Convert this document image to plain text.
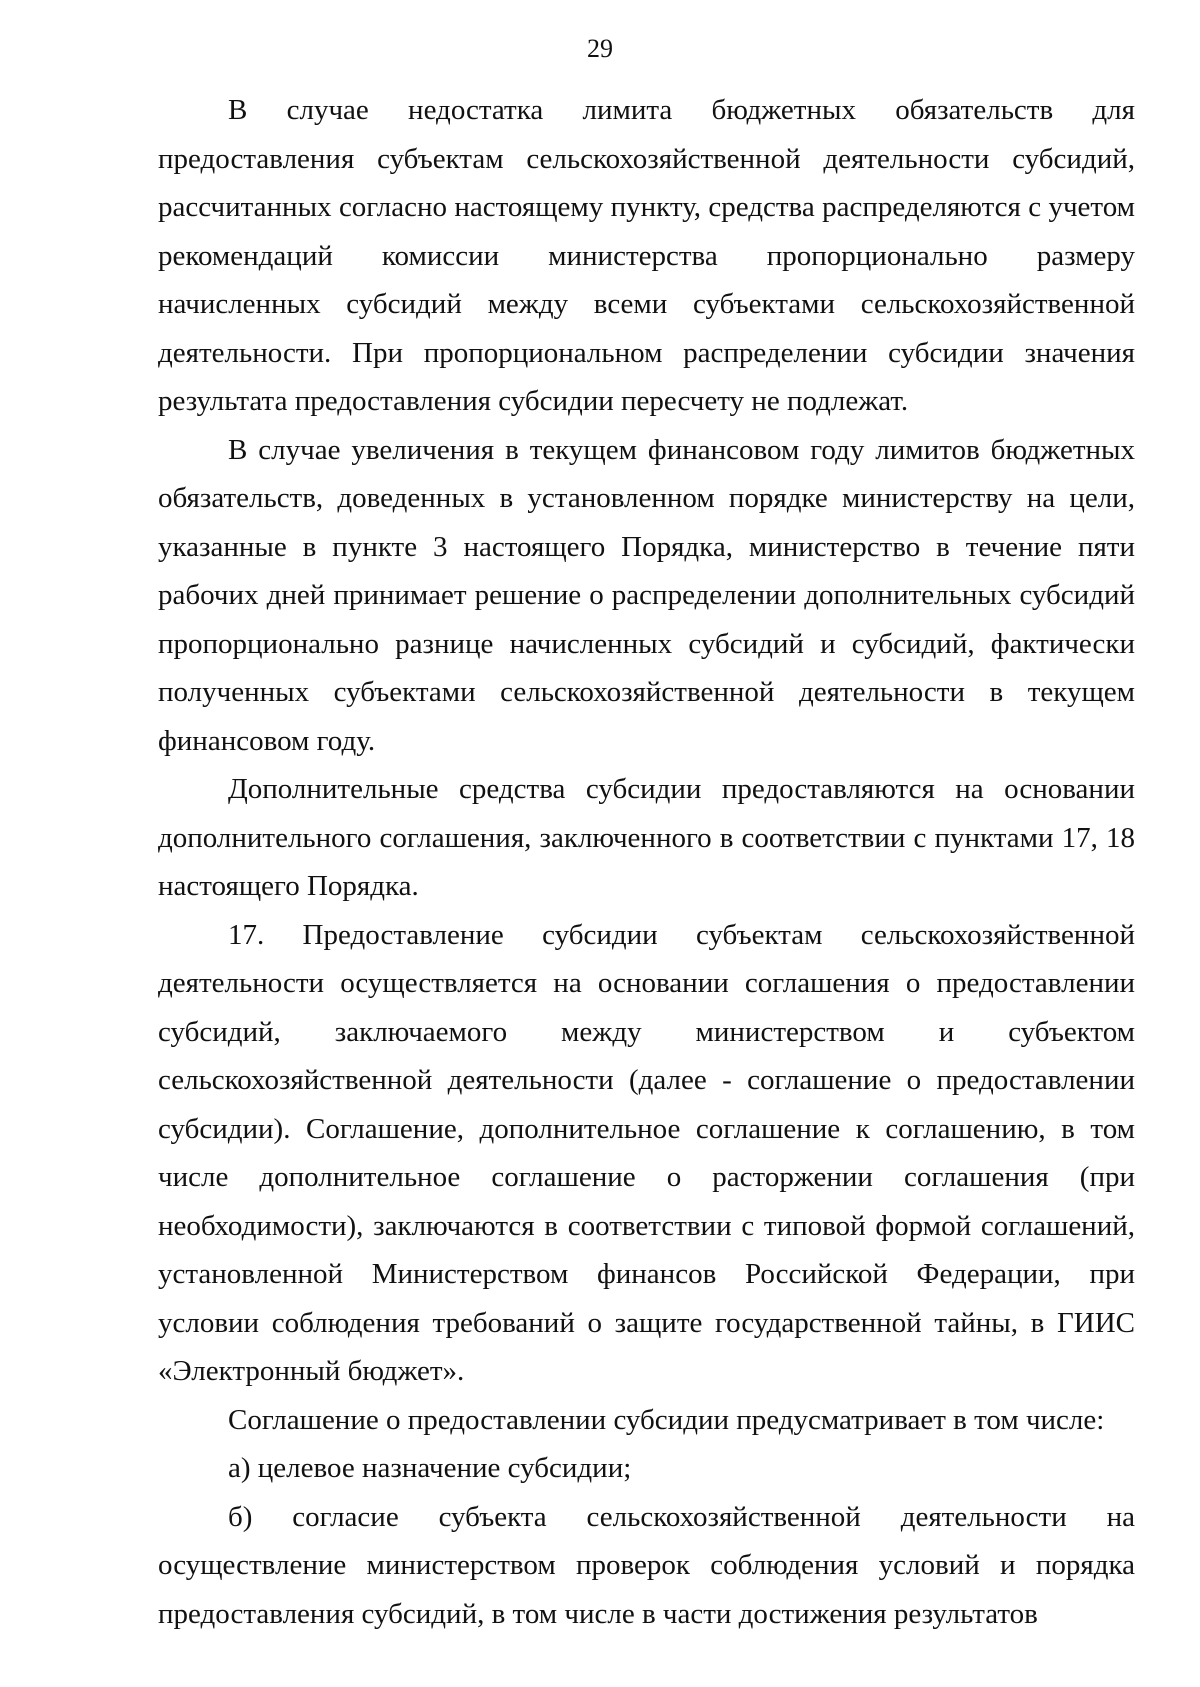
29

В случае недостатка лимита бюджетных обязательств для предоставления субъектам сельскохозяйственной деятельности субсидий, рассчитанных согласно настоящему пункту, средства распределяются с учетом рекомендаций комиссии министерства пропорционально размеру начисленных субсидий между всеми субъектами сельскохозяйственной деятельности. При пропорциональном распределении субсидии значения результата предоставления субсидии пересчету не подлежат.

В случае увеличения в текущем финансовом году лимитов бюджетных обязательств, доведенных в установленном порядке министерству на цели, указанные в пункте 3 настоящего Порядка, министерство в течение пяти рабочих дней принимает решение о распределении дополнительных субсидий пропорционально разнице начисленных субсидий и субсидий, фактически полученных субъектами сельскохозяйственной деятельности в текущем финансовом году.

Дополнительные средства субсидии предоставляются на основании дополнительного соглашения, заключенного в соответствии с пунктами 17, 18 настоящего Порядка.

17. Предоставление субсидии субъектам сельскохозяйственной деятельности осуществляется на основании соглашения о предоставлении субсидий, заключаемого между министерством и субъектом сельскохозяйственной деятельности (далее - соглашение о предоставлении субсидии). Соглашение, дополнительное соглашение к соглашению, в том числе дополнительное соглашение о расторжении соглашения (при необходимости), заключаются в соответствии с типовой формой соглашений, установленной Министерством финансов Российской Федерации, при условии соблюдения требований о защите государственной тайны, в ГИИС «Электронный бюджет».

Соглашение о предоставлении субсидии предусматривает в том числе:

а) целевое назначение субсидии;

б) согласие субъекта сельскохозяйственной деятельности на осуществление министерством проверок соблюдения условий и порядка предоставления субсидий, в том числе в части достижения результатов
